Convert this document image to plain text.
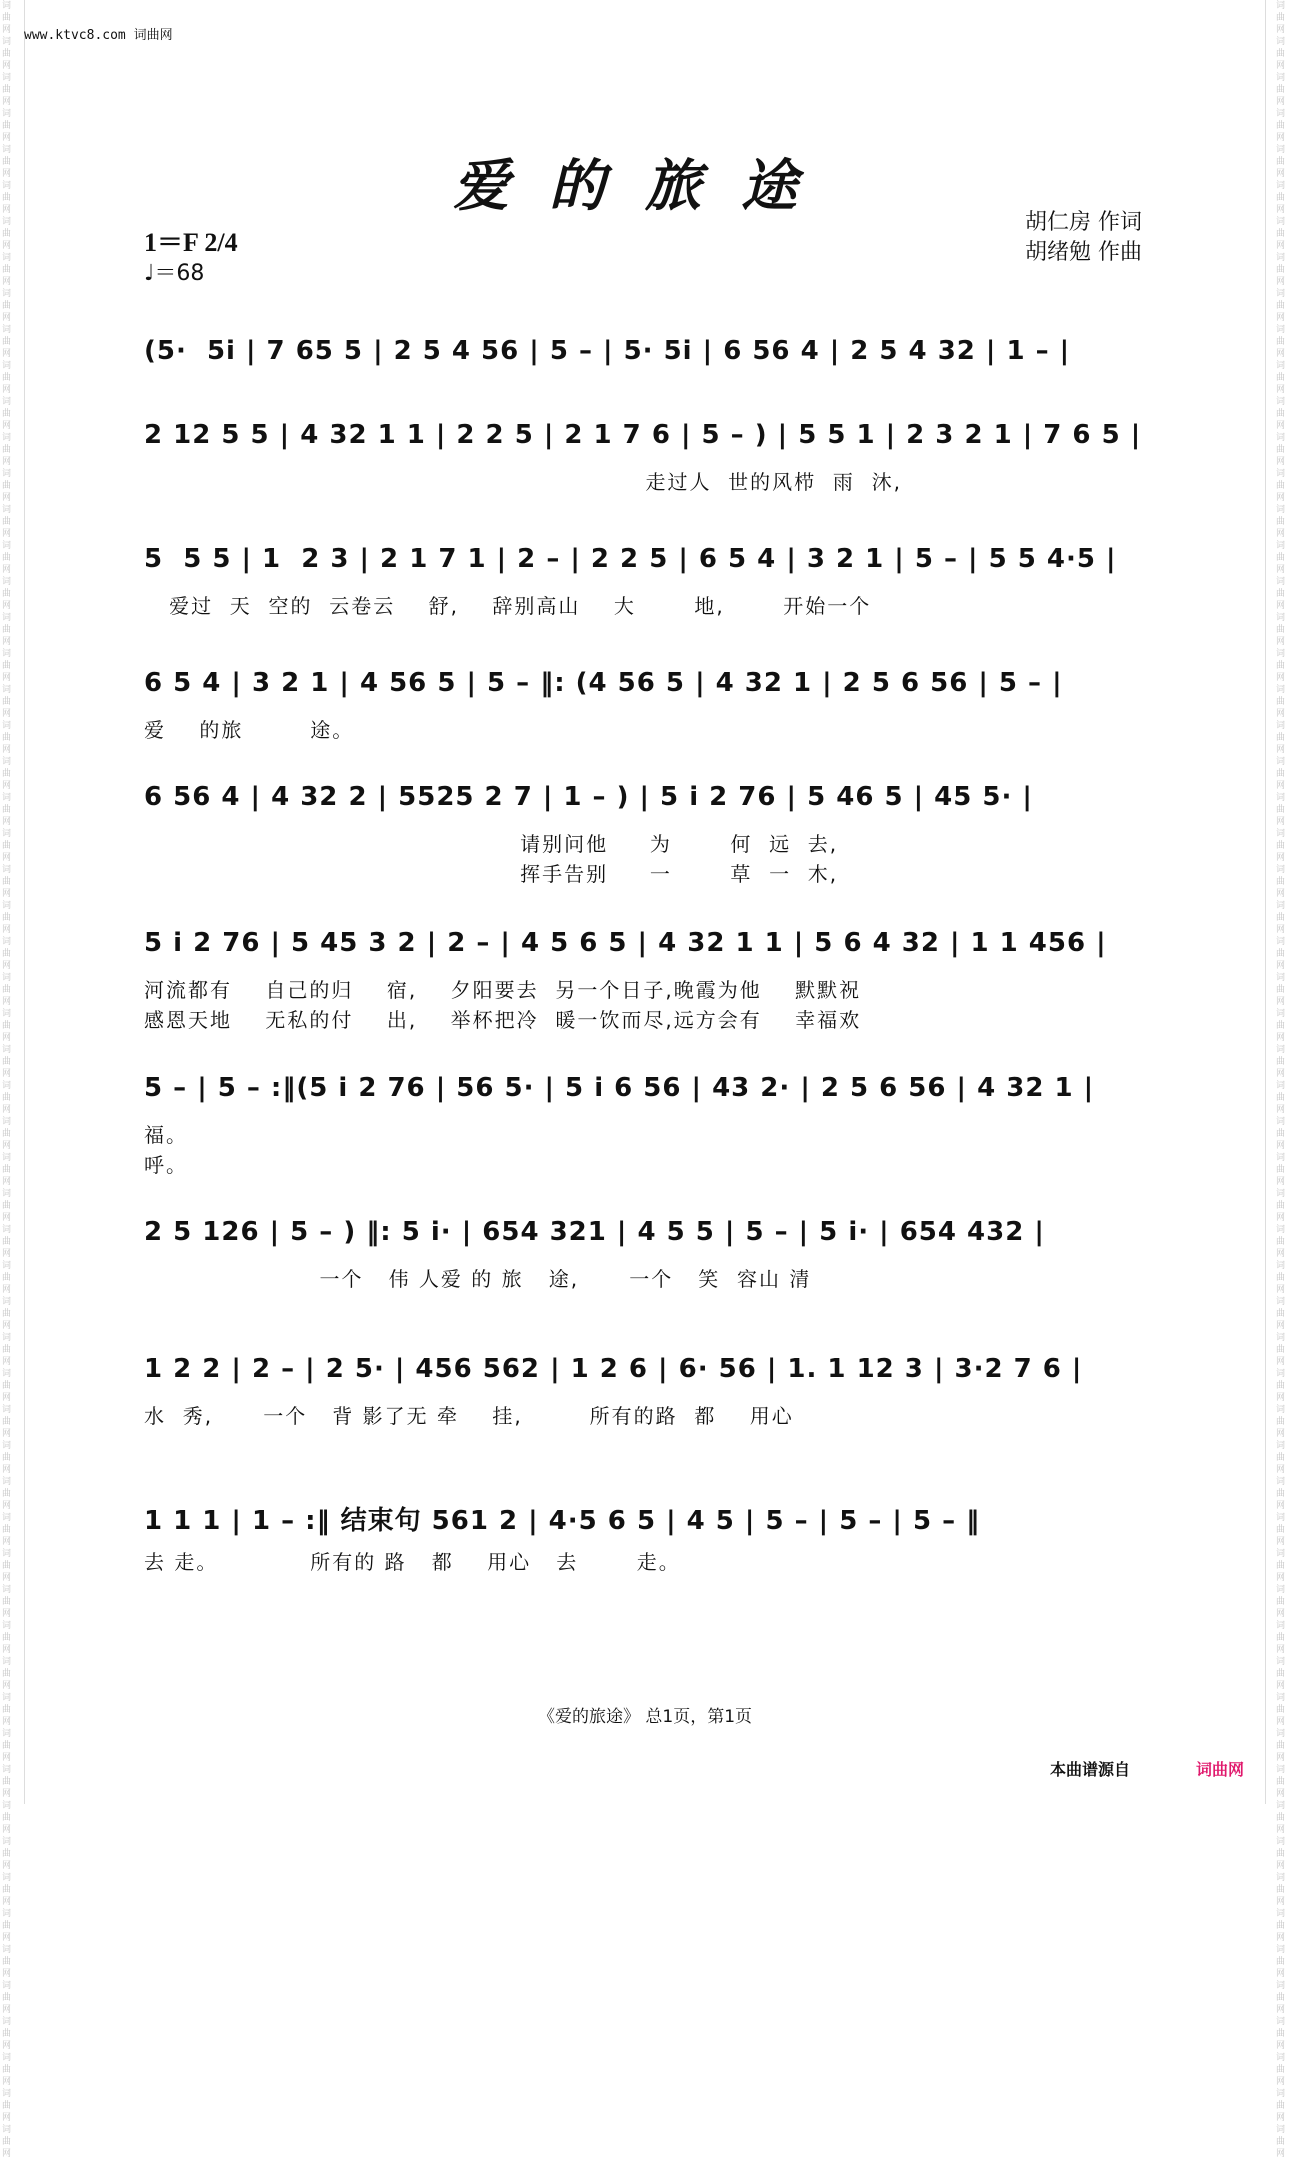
词曲网 词曲网 词曲网 词曲网 词曲网 词曲网 词曲网 词曲网 词曲网 词曲网 词曲网 词曲网 词曲网 词曲网 词曲网 词曲网 词曲网 词曲网 词曲网 词曲网 词曲网 词曲网 词曲网 词曲网 词曲网 词曲网 词曲网 词曲网 词曲网 词曲网 词曲网 词曲网 词曲网 词曲网 词曲网 词曲网 词曲网 词曲网 词曲网 词曲网 词曲网 词曲网 词曲网 词曲网 词曲网 词曲网 词曲网 词曲网 词曲网 词曲网 词曲网 词曲网 词曲网 词曲网 词曲网 词曲网 词曲网 词曲网 词曲网 词曲网
词曲网 词曲网 词曲网 词曲网 词曲网 词曲网 词曲网 词曲网 词曲网 词曲网 词曲网 词曲网 词曲网 词曲网 词曲网 词曲网 词曲网 词曲网 词曲网 词曲网 词曲网 词曲网 词曲网 词曲网 词曲网 词曲网 词曲网 词曲网 词曲网 词曲网 词曲网 词曲网 词曲网 词曲网 词曲网 词曲网 词曲网 词曲网 词曲网 词曲网 词曲网 词曲网 词曲网 词曲网 词曲网 词曲网 词曲网 词曲网 词曲网 词曲网 词曲网 词曲网 词曲网 词曲网 词曲网 词曲网 词曲网 词曲网 词曲网 词曲网
www.ktvc8.com 词曲网
爱的旅途
胡仁房 作词
胡绪勉 作曲
1＝F 2/4
♩＝68
(5·  5i | 7 65 5 | 2 5 4 56 | 5 – | 5· 5i | 6 56 4 | 2 5 4 32 | 1 – |
2 12 5 5 | 4 32 1 1 | 2 2 5 | 2 1 7 6 | 5 – ) | 5 5 1 | 2 3 2 1 | 7 6 5 |
走过人  世的风栉  雨  沐,
5  5 5 | 1  2 3 | 2 1 7 1 | 2 – | 2 2 5 | 6 5 4 | 3 2 1 | 5 – | 5 5 4·5 |
爱过  天  空的  云卷云    舒,    辞别高山    大       地,       开始一个
6 5 4 | 3 2 1 | 4 56 5 | 5 – ‖: (4 56 5 | 4 32 1 | 2 5 6 56 | 5 – |
爱    的旅        途。
6 56 4 | 4 32 2 | 5525 2 7 | 1 – ) | 5 i 2 76 | 5 46 5 | 45 5· |
请别问他     为       何  远  去,
挥手告别     一       草  一  木,
5 i 2 76 | 5 45 3 2 | 2 – | 4 5 6 5 | 4 32 1 1 | 5 6 4 32 | 1 1 456 |
河流都有    自己的归    宿,    夕阳要去  另一个日子,晚霞为他    默默祝
感恩天地    无私的付    出,    举杯把冷  暖一饮而尽,远方会有    幸福欢
5 – | 5 – :‖(5 i 2 76 | 56 5· | 5 i 6 56 | 43 2· | 2 5 6 56 | 4 32 1 |
福。
呼。
2 5 126 | 5 – ) ‖: 5 i· | 654 321 | 4 5 5 | 5 – | 5 i· | 654 432 |
一个   伟 人爱 的 旅   途,      一个   笑  容山 清
1 2 2 | 2 – | 2 5· | 456 562 | 1 2 6 | 6· 56 | 1. 1 12 3 | 3·2 7 6 |
水  秀,      一个   背 影了无 牵    挂,        所有的路  都    用心
1 1 1 | 1 – :‖ 结束句 561 2 | 4·5 6 5 | 4 5 | 5 – | 5 – | 5 – ‖
去 走。           所有的 路   都    用心   去       走。
《爱的旅途》 总1页，第1页
本曲谱源自	词曲网
